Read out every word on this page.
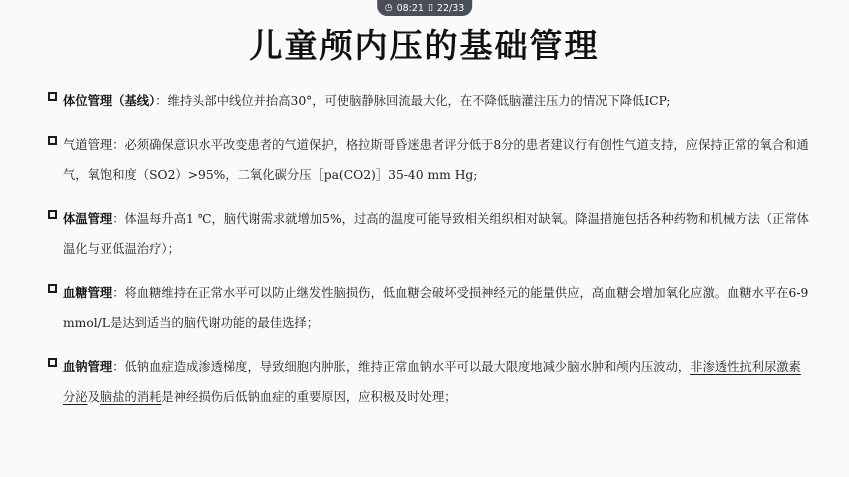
◷ 08:21 ▯ 22/33
儿童颅内压的基础管理
体位管理（基线）：维持头部中线位并抬高30°，可使脑静脉回流最大化，在不降低脑灌注压力的情况下降低ICP;
气道管理：必须确保意识水平改变患者的气道保护，格拉斯哥昏迷患者评分低于8分的患者建议行有创性气道支持，应保持正常的氧合和通气，氧饱和度（SO2）>95%，二氧化碳分压［pa(CO2)］35-40 mm Hg;
体温管理：体温每升高1 ℃，脑代谢需求就增加5%，过高的温度可能导致相关组织相对缺氧。降温措施包括各种药物和机械方法（正常体温化与亚低温治疗）；
血糖管理：将血糖维持在正常水平可以防止继发性脑损伤，低血糖会破坏受损神经元的能量供应，高血糖会增加氧化应激。血糖水平在6-9 mmol/L是达到适当的脑代谢功能的最佳选择；
血钠管理：低钠血症造成渗透梯度，导致细胞内肿胀，维持正常血钠水平可以最大限度地减少脑水肿和颅内压波动，非渗透性抗利尿激素分泌及脑盐的消耗是神经损伤后低钠血症的重要原因，应积极及时处理；
